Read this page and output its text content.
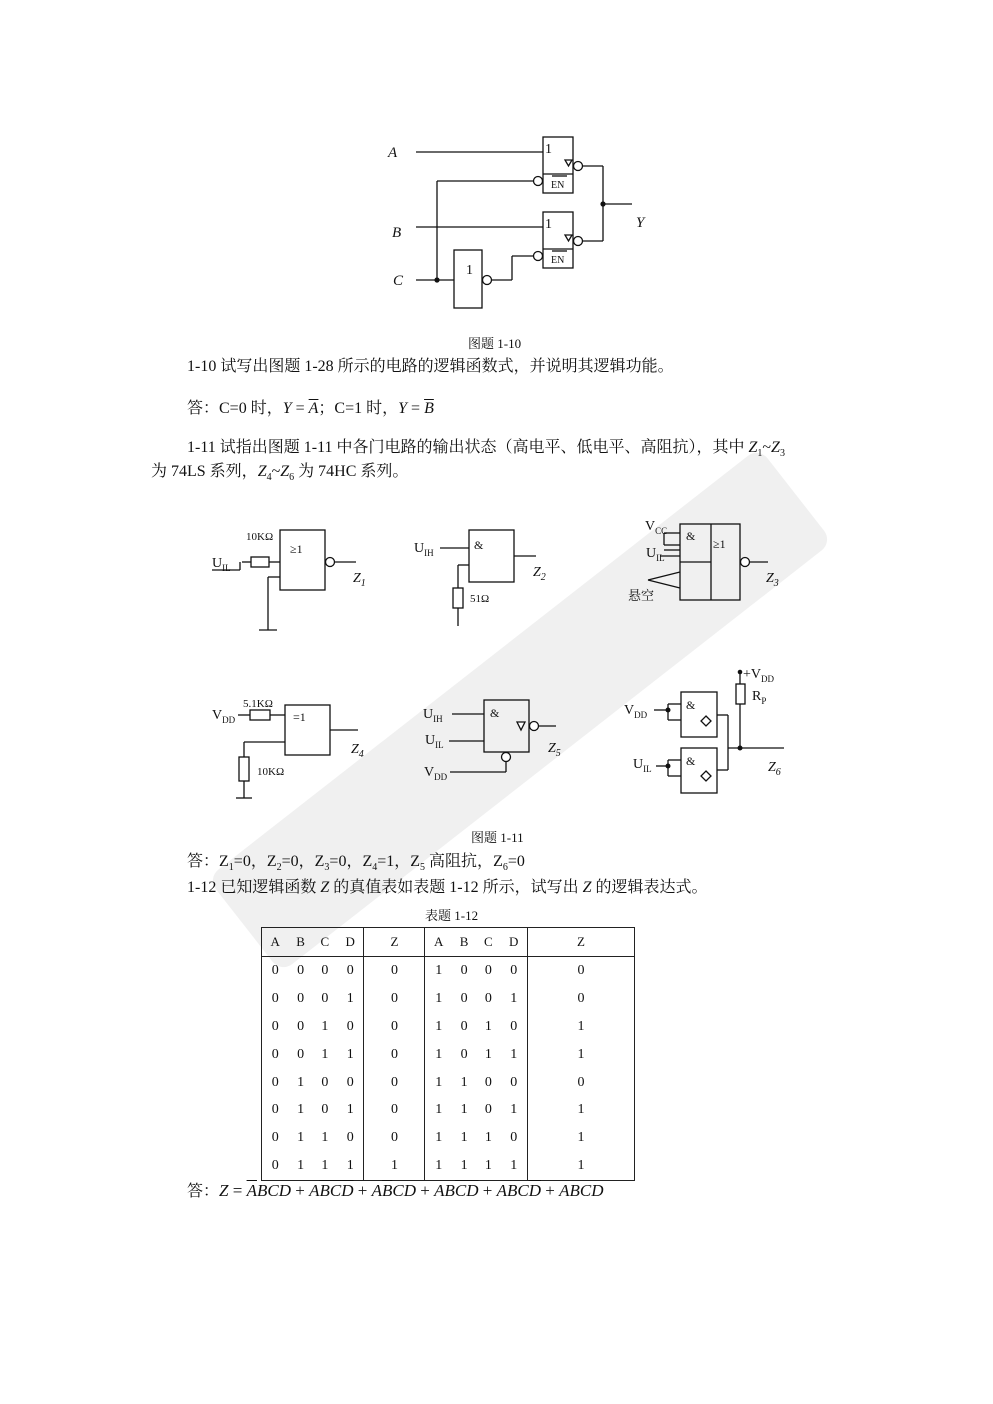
A
B
C
Y
1
1
1
EN
EN
图题 1-10
1-10 试写出图题 1-28 所示的电路的逻辑函数式，并说明其逻辑功能。
答：C=0 时，$Y = \overline{A}$；C=1 时，$Y = \overline{B}$
1-11 试指出图题 1-11 中各门电路的输出状态（高电平、低电平、高阻抗），其中 $Z_1\sim Z_3$
为 74LS 系列，$Z_4\sim Z_6$ 为 74HC 系列。
10KΩ
$U_{IL}$
≥1
$Z_1$
$U_{IH}$
&
51Ω
$Z_2$
$V_{CC}$
$U_{IL}$
悬空
&
≥1
$Z_3$
5.1KΩ
$V_{DD}$	=1
10KΩ
$Z_4$
$U_{IH}$
$U_{IL}$
$V_{DD}$
&
$Z_5$
$+V_{DD}$
$R_P$
$V_{DD}$
$U_{IL}$
&
&	$Z_6$
图题 1-11
答：$Z_1=0$，$Z_2=0$，$Z_3=0$，$Z_4=1$，$Z_5$ 高阻抗，$Z_6=0$
1-12 已知逻辑函数 Z 的真值表如表题 1-12 所示，试写出 Z 的逻辑表达式。
表题 1-12
A	B	C	D	Z	A	B	C	D	Z
0	0	0	0	0	1	0	0	0	0
0	0	0	1	0	1	0	0	1	0
0	0	1	0	0	1	0	1	0	1
0	0	1	1	0	1	0	1	1	1
0	1	0	0	0	1	1	0	0	0
0	1	0	1	0	1	1	0	1	1
0	1	1	0	0	1	1	1	0	1
0	1	1	1	1	1	1	1	1	1
答：$Z = \overline{A}BCD + A\overline{B}\overline{C}\overline{D} + A\overline{B}CD + AB\overline{C}\overline{D} + ABC\overline{D}$ + ABCD
